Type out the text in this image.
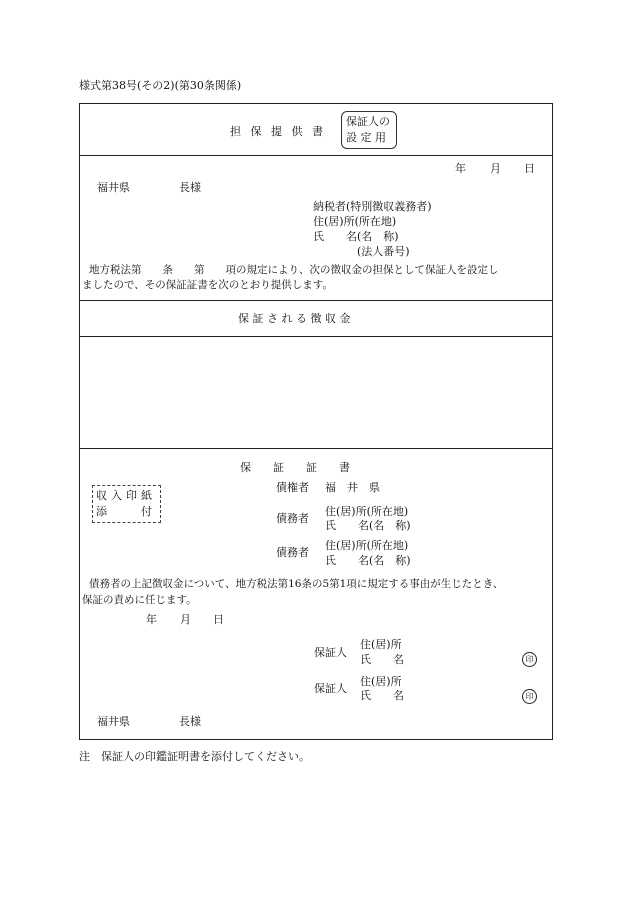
様式第38号(その2)(第30条関係)
担 保 提 供 書
保証人の
設 定 用
年 月 日
福井県	長様
納税者(特別徴収義務者)
住(居)所(所在地)
氏　　名(名　称)
(法人番号)
地方税法第　　条　　第　　項の規定により、次の徴収金の担保として保証人を設定し
ましたので、その保証証書を次のとおり提供します。
保 証 さ れ る 徴 収 金
保　　証　　証　　書
収入印紙
添　　付
債権者 福　井　県
債務者
住(居)所(所在地)
氏　　名(名　称)
債務者
住(居)所(所在地)
氏　　名(名　称)
債務者の上記徴収金について、地方税法第16条の5第1項に規定する事由が生じたとき、
保証の責めに任じます。
年 月 日
保証人
住(居)所
氏　　名	印
保証人
住(居)所
氏　　名	印
福井県	長様
注　保証人の印鑑証明書を添付してください。
